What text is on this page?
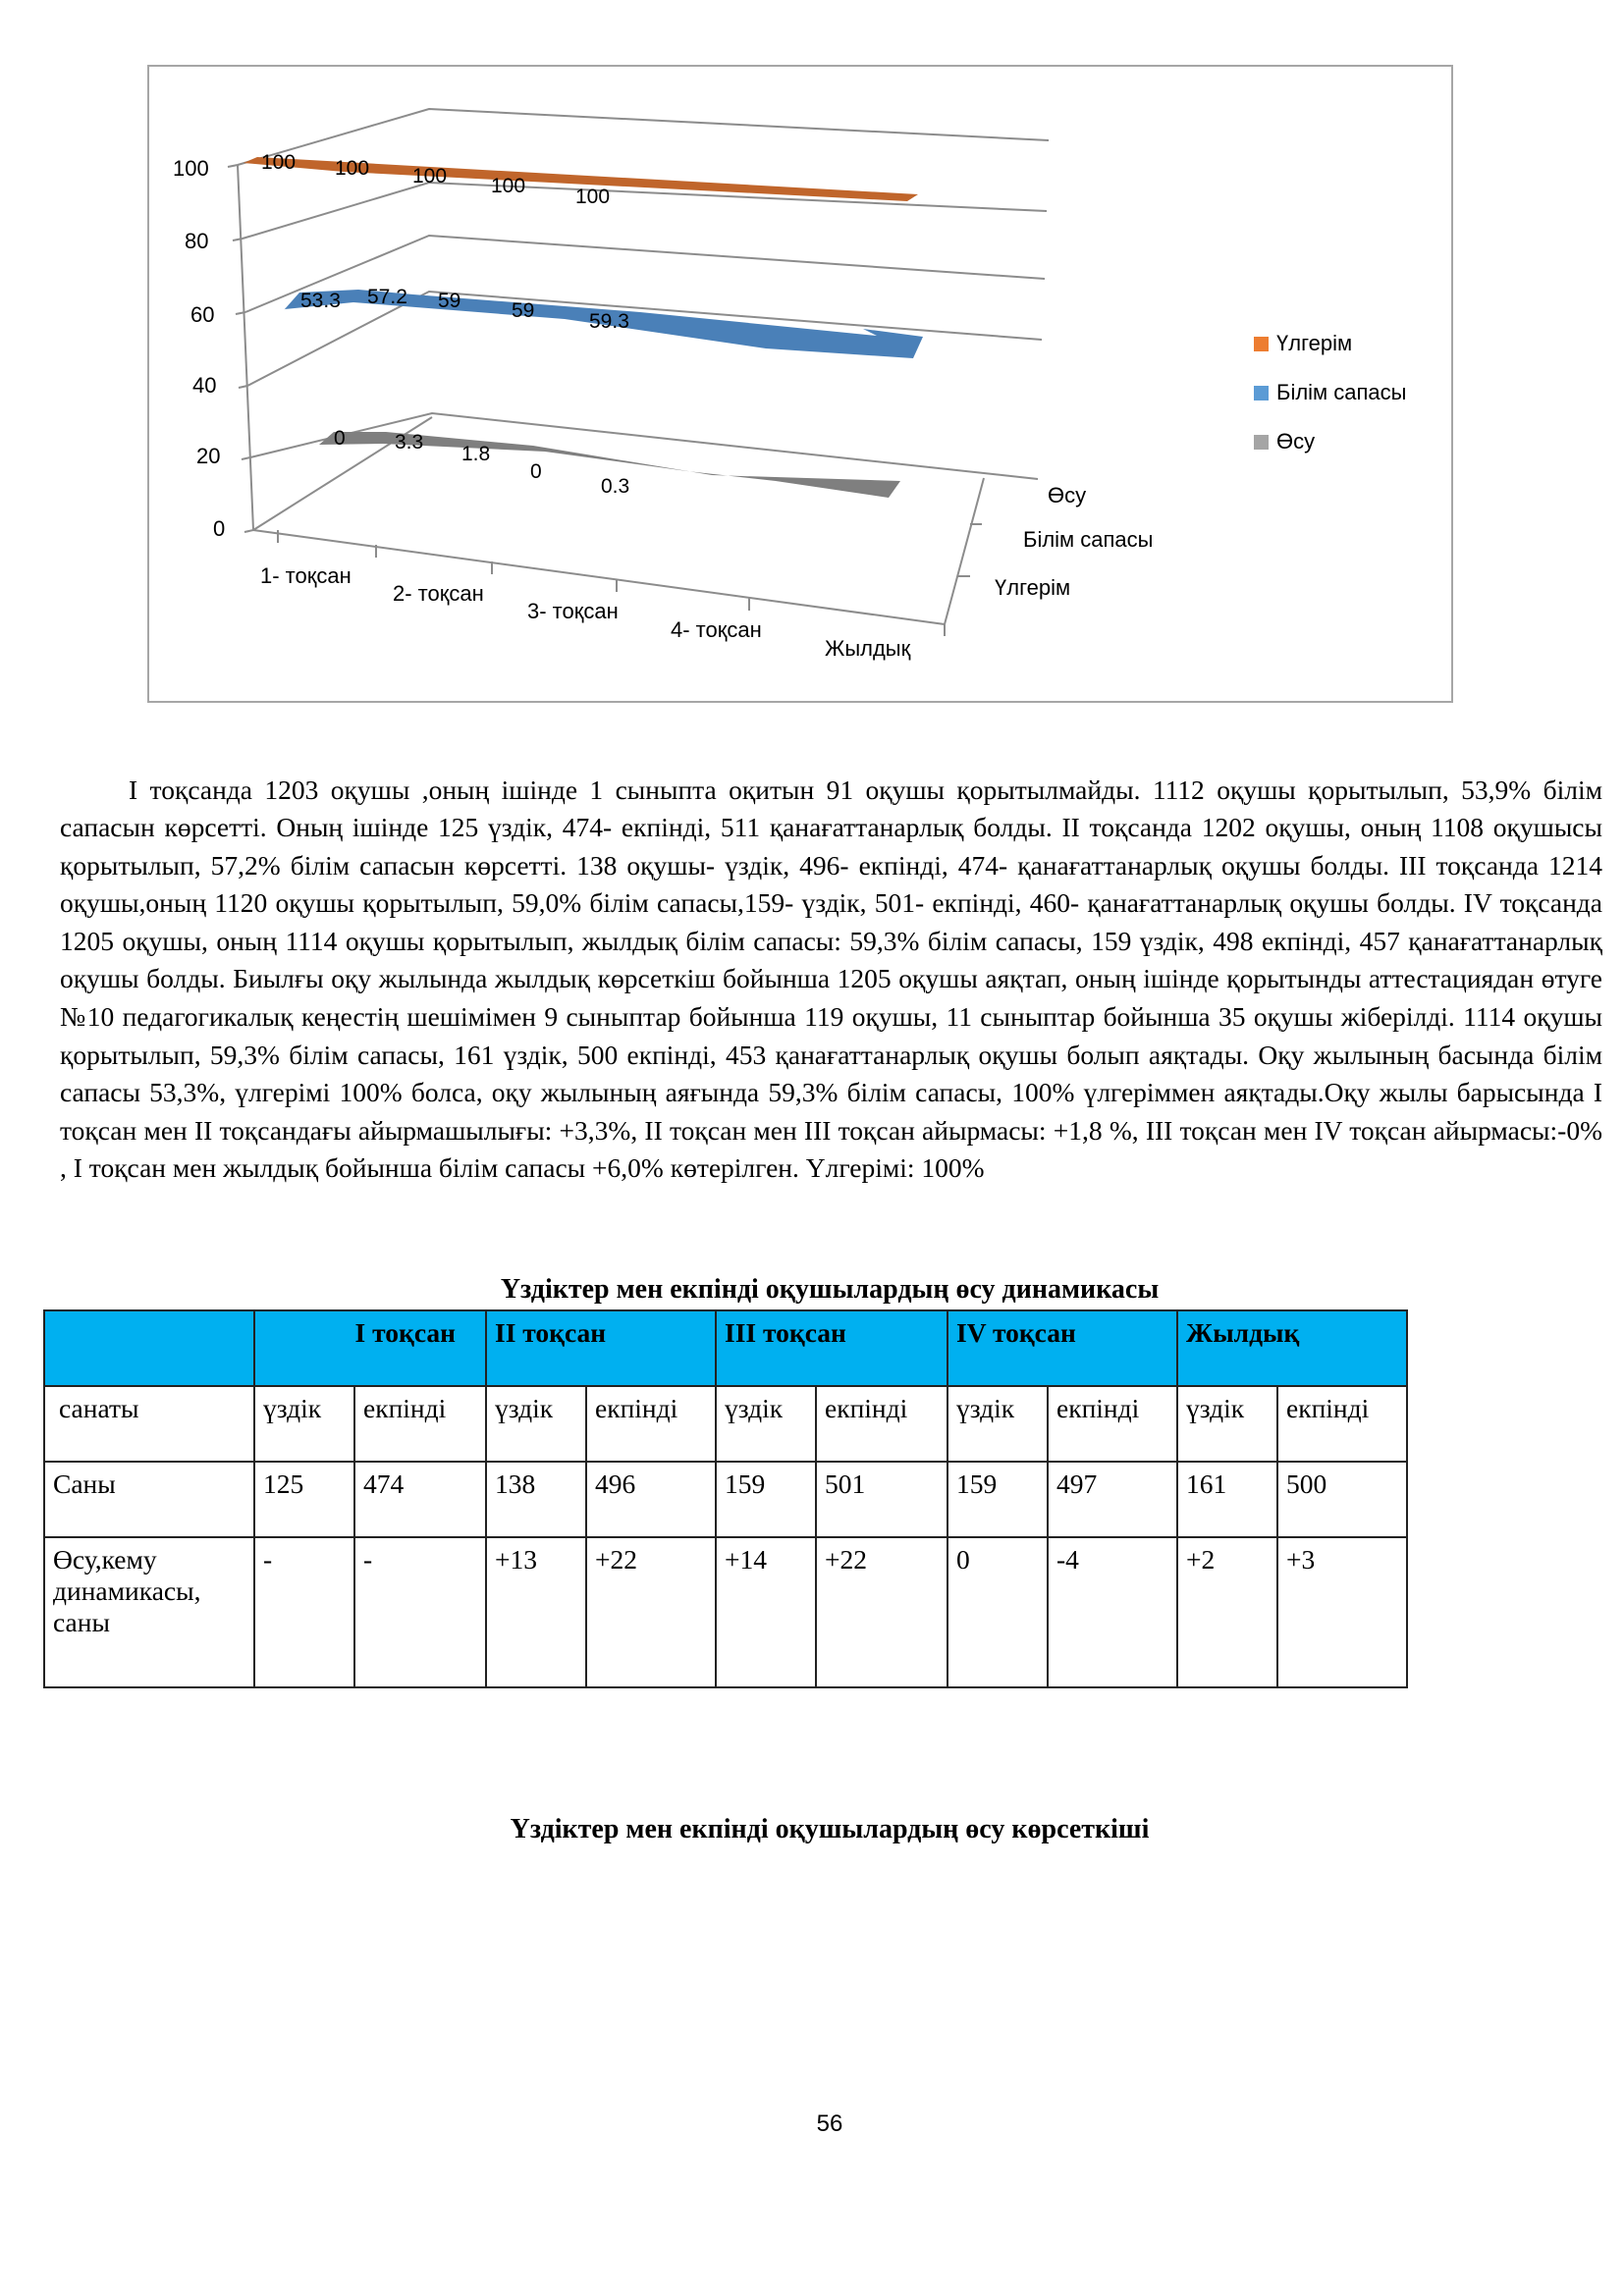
100
80
60
40
20
0
100 100 100 100 100
53.3 57.2 59 59	59.3
0 3.3
1.8
0
0.3
1- тоқсан
2- тоқсан
3- тоқсан
4- тоқсан
Жылдық
Өсу
Білім сапасы
Үлгерім
Үлгерім
Білім сапасы
Өсу

І тоқсанда 1203 оқушы ,оның ішінде 1 сыныпта оқитын 91 оқушы қорытылмайды. 1112 оқушы қорытылып, 53,9% білім сапасын көрсетті. Оның ішінде 125 үздік, 474- екпінді, 511 қанағаттанарлық болды. ІІ тоқсанда 1202 оқушы, оның 1108 оқушысы қорытылып, 57,2% білім сапасын көрсетті. 138 оқушы- үздік, 496- екпінді, 474- қанағаттанарлық оқушы болды. ІІІ тоқсанда 1214 оқушы,оның 1120 оқушы қорытылып, 59,0% білім сапасы,159- үздік, 501- екпінді, 460- қанағаттанарлық оқушы болды. ІV тоқсанда 1205 оқушы, оның 1114 оқушы қорытылып, жылдық білім сапасы: 59,3% білім сапасы, 159 үздік, 498 екпінді, 457 қанағаттанарлық оқушы болды. Биылғы оқу жылында жылдық көрсеткіш бойынша 1205 оқушы аяқтап, оның ішінде қорытынды аттестациядан өтуге №10 педагогикалық кеңестің шешімімен 9 сыныптар бойынша 119 оқушы, 11 сыныптар бойынша 35 оқушы жіберілді. 1114 оқушы қорытылып, 59,3% білім сапасы, 161 үздік, 500 екпінді, 453 қанағаттанарлық оқушы болып аяқтады. Оқу жылының басында білім сапасы 53,3%, үлгерімі 100% болса, оқу жылының аяғында 59,3% білім сапасы, 100% үлгеріммен аяқтады.Оқу жылы барысында І тоқсан мен ІІ тоқсандағы айырмашылығы: +3,3%, ІІ тоқсан мен ІІІ тоқсан айырмасы: +1,8 %, ІІІ тоқсан мен ІV тоқсан айырмасы:-0% , І тоқсан мен жылдық бойынша білім сапасы +6,0% көтерілген. Үлгерімі: 100%

Үздіктер мен екпінді оқушылардың өсу динамикасы
	І тоқсан		ІІ тоқсан		ІІІ тоқсан		ІV тоқсан		Жылдық	
санаты	үздік	екпінді	үздік	екпінді	үздік	екпінді	үздік	екпінді	үздік	екпінді
Саны	125	474	138	496	159	501	159	497	161	500
Өсу,кему динамикасы, саны	-	-	+13	+22	+14	+22	0	-4	+2	+3
Үздіктер мен екпінді оқушылардың өсу көрсеткіші
56
